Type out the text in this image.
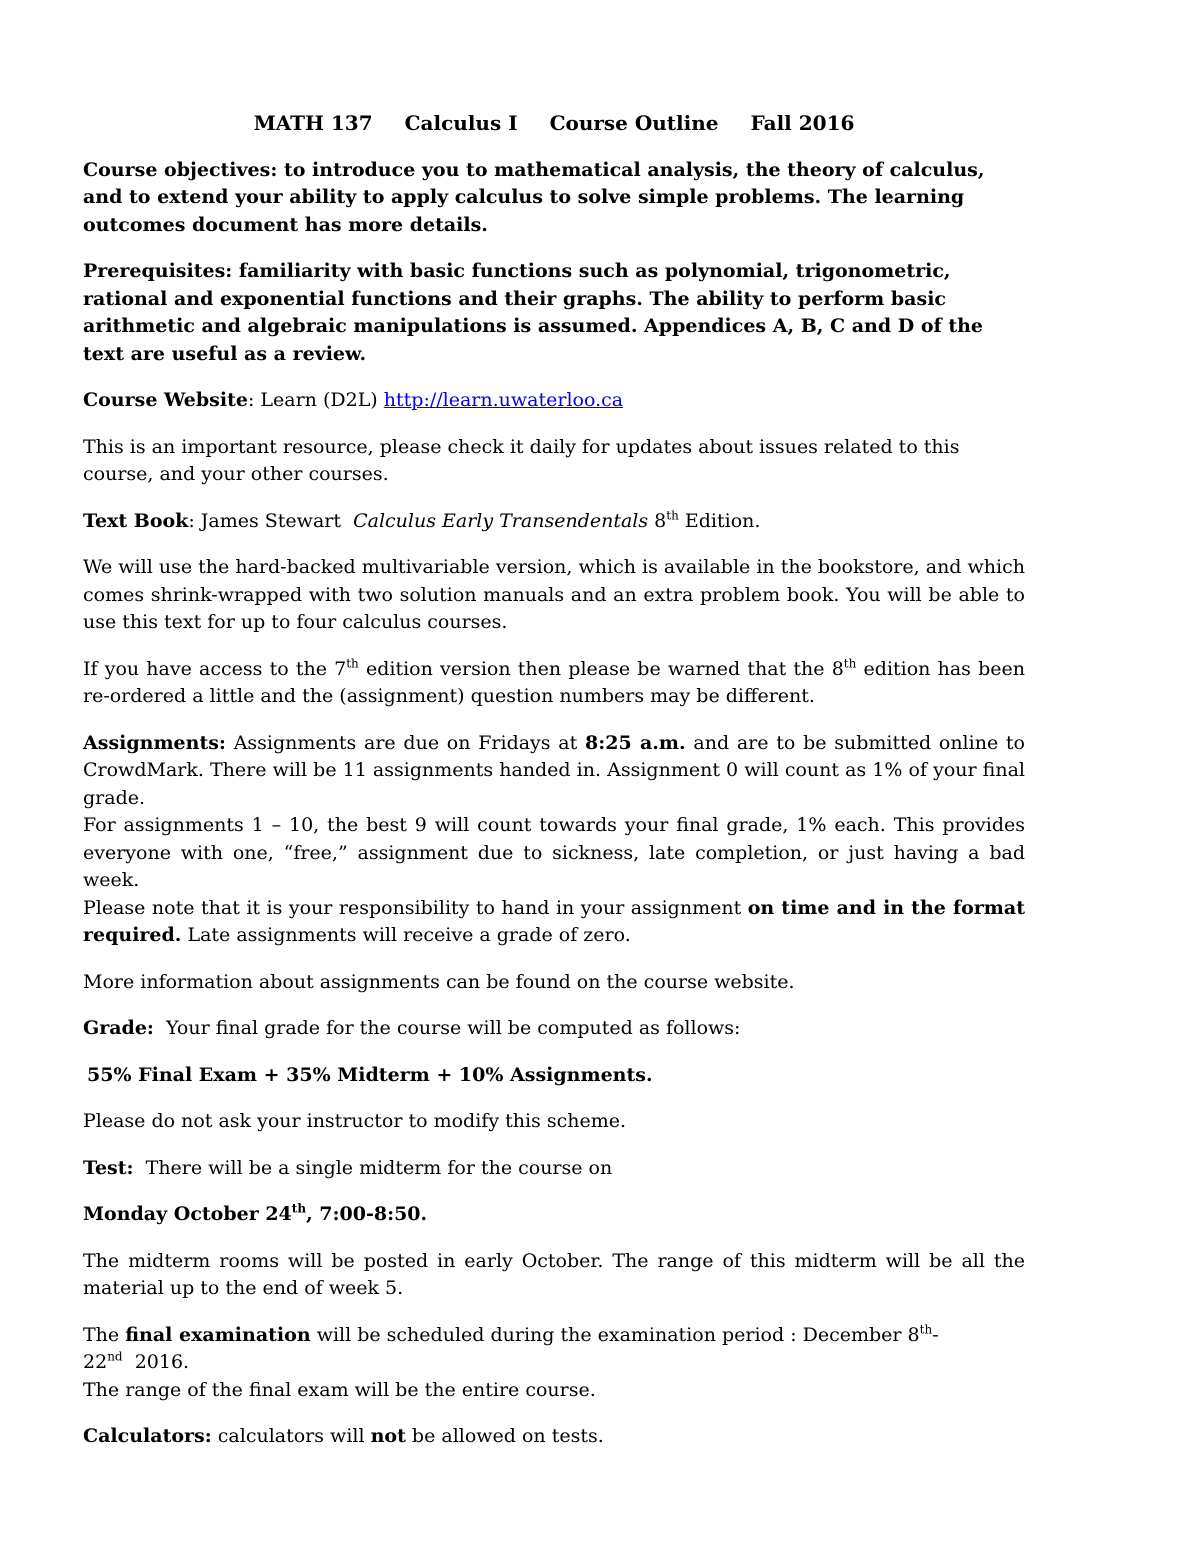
MATH 137 Calculus I Course Outline Fall 2016

Course objectives: to introduce you to mathematical analysis, the theory of calculus, and to extend your ability to apply calculus to solve simple problems. The learning outcomes document has more details.

Prerequisites: familiarity with basic functions such as polynomial, trigonometric, rational and exponential functions and their graphs. The ability to perform basic arithmetic and algebraic manipulations is assumed. Appendices A, B, C and D of the text are useful as a review.

Course Website: Learn (D2L) http://learn.uwaterloo.ca

This is an important resource, please check it daily for updates about issues related to this course, and your other courses.

Text Book: James Stewart Calculus Early Transendentals 8th Edition.

We will use the hard-backed multivariable version, which is available in the bookstore, and which comes shrink-wrapped with two solution manuals and an extra problem book. You will be able to use this text for up to four calculus courses.

If you have access to the 7th edition version then please be warned that the 8th edition has been re-ordered a little and the (assignment) question numbers may be different.

Assignments: Assignments are due on Fridays at 8:25 a.m. and are to be submitted online to CrowdMark. There will be 11 assignments handed in. Assignment 0 will count as 1% of your final grade.

For assignments 1 – 10, the best 9 will count towards your final grade, 1% each. This provides everyone with one, “free,” assignment due to sickness, late completion, or just having a bad week.

Please note that it is your responsibility to hand in your assignment on time and in the format required. Late assignments will receive a grade of zero.

More information about assignments can be found on the course website.

Grade: Your final grade for the course will be computed as follows:

55% Final Exam + 35% Midterm + 10% Assignments.

Please do not ask your instructor to modify this scheme.

Test: There will be a single midterm for the course on

Monday October 24th, 7:00-8:50.

The midterm rooms will be posted in early October. The range of this midterm will be all the material up to the end of week 5.

The final examination will be scheduled during the examination period : December 8th-22nd 2016.
The range of the final exam will be the entire course.

Calculators: calculators will not be allowed on tests.
